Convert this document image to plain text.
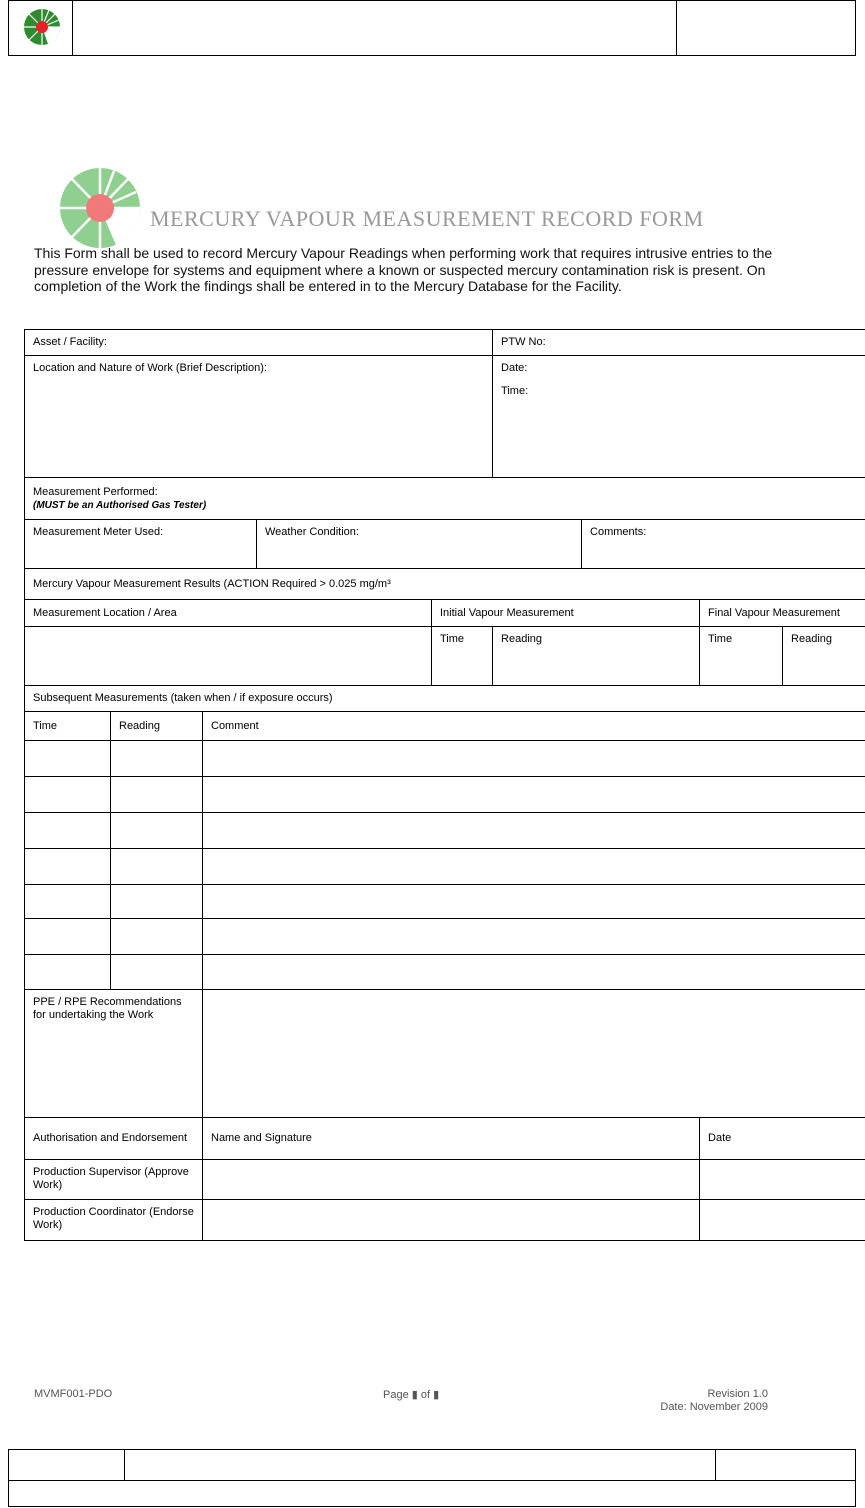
MERCURY VAPOUR MEASUREMENT RECORD FORM
This Form shall be used to record Mercury Vapour Readings when performing work that requires intrusive entries to the pressure envelope for systems and equipment where a known or suspected mercury contamination risk is present. On completion of the Work the findings shall be entered in to the Mercury Database for the Facility.
Asset / Facility:					PTW No:			
Location and Nature of Work (Brief Description):					Date:
Time:			

Measurement Performed:
(MUST be an Authorised Gas Tester)								

Measurement Meter Used:			Weather Condition:			Comments:		
Mercury Vapour Measurement Results (ACTION Required > 0.025 mg/m³								
Measurement Location / Area				Initial Vapour Measurement			Final Vapour Measurement	
				Time	Reading		Time	Reading
Subsequent Measurements (taken when / if exposure occurs)								
Time	Reading	Comment						

PPE / RPE Recommendations for undertaking the Work								
Authorisation and Endorsement		Name and Signature					Date	
Production Supervisor (Approve Work)								
Production Coordinator (Endorse Work)								
MVMF001-PDO	Page ▮ of ▮	Revision 1.0
Date: November 2009
